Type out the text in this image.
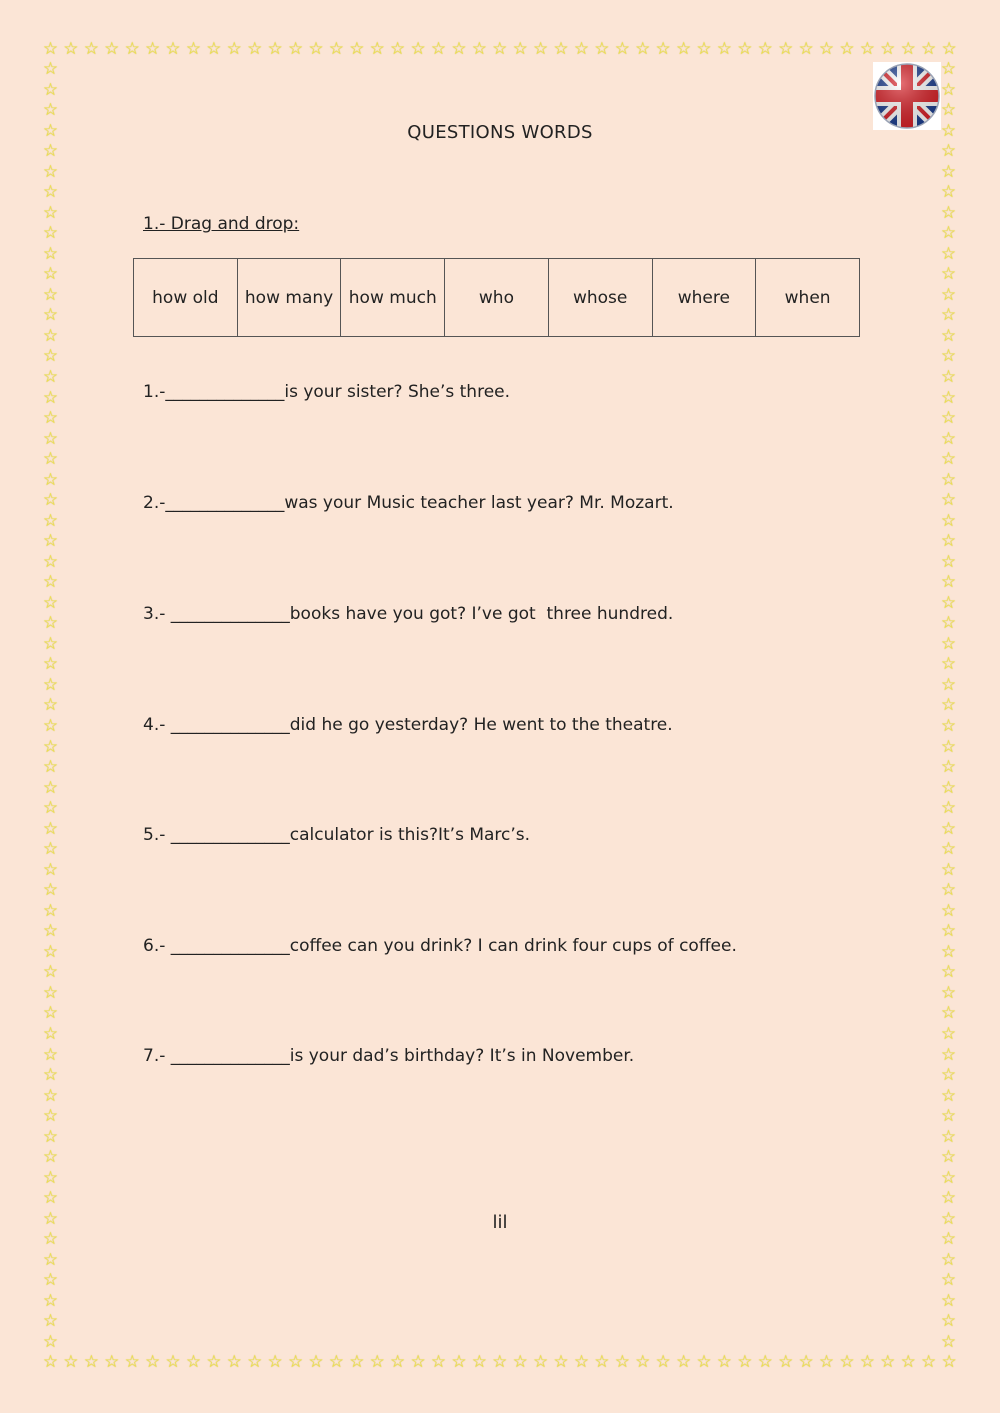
☆ ☆ ☆ ☆ ☆ ☆ ☆ ☆ ☆ ☆ ☆ ☆ ☆ ☆ ☆ ☆ ☆ ☆ ☆ ☆ ☆ ☆ ☆ ☆ ☆ ☆ ☆ ☆ ☆ ☆ ☆ ☆ ☆ ☆ ☆ ☆ ☆ ☆ ☆ ☆ ☆ ☆ ☆ ☆ ☆
☆ ☆ ☆ ☆ ☆ ☆ ☆ ☆ ☆ ☆ ☆ ☆ ☆ ☆ ☆ ☆ ☆ ☆ ☆ ☆ ☆ ☆ ☆ ☆ ☆ ☆ ☆ ☆ ☆ ☆ ☆ ☆ ☆ ☆ ☆ ☆ ☆ ☆ ☆ ☆ ☆ ☆ ☆ ☆ ☆
☆
☆
☆
☆
☆
☆
☆
☆
☆
☆
☆
☆
☆
☆
☆
☆
☆
☆
☆
☆
☆
☆
☆
☆
☆
☆
☆
☆
☆
☆
☆
☆
☆
☆
☆
☆
☆
☆
☆
☆
☆
☆
☆
☆
☆
☆
☆
☆
☆
☆
☆
☆
☆
☆
☆
☆
☆
☆
☆
☆
☆
☆
☆
☆
☆
☆
☆
☆
☆
☆
☆
☆
☆
☆
☆
☆
☆
☆
☆
☆
☆
☆
☆
☆
☆
☆
☆
☆
☆
☆
☆
☆
☆
☆
☆
☆
☆
☆
☆
☆
☆
☆
☆
☆
☆
☆
☆
☆
☆
☆
☆
☆
☆
☆
☆
☆
☆
☆
☆
☆
☆
☆
☆
☆
☆
☆
QUESTIONS WORDS
1.- Drag and drop:
how old	how many	how much	who	whose	where	when
1.-______________is your sister? She’s three.
2.-______________was your Music teacher last year? Mr. Mozart.
3.- ______________books have you got? I’ve got  three hundred.
4.- ______________did he go yesterday? He went to the theatre.
5.- ______________calculator is this?It’s Marc’s.
6.- ______________coffee can you drink? I can drink four cups of coffee.
7.- ______________is your dad’s birthday? It’s in November.
lil
